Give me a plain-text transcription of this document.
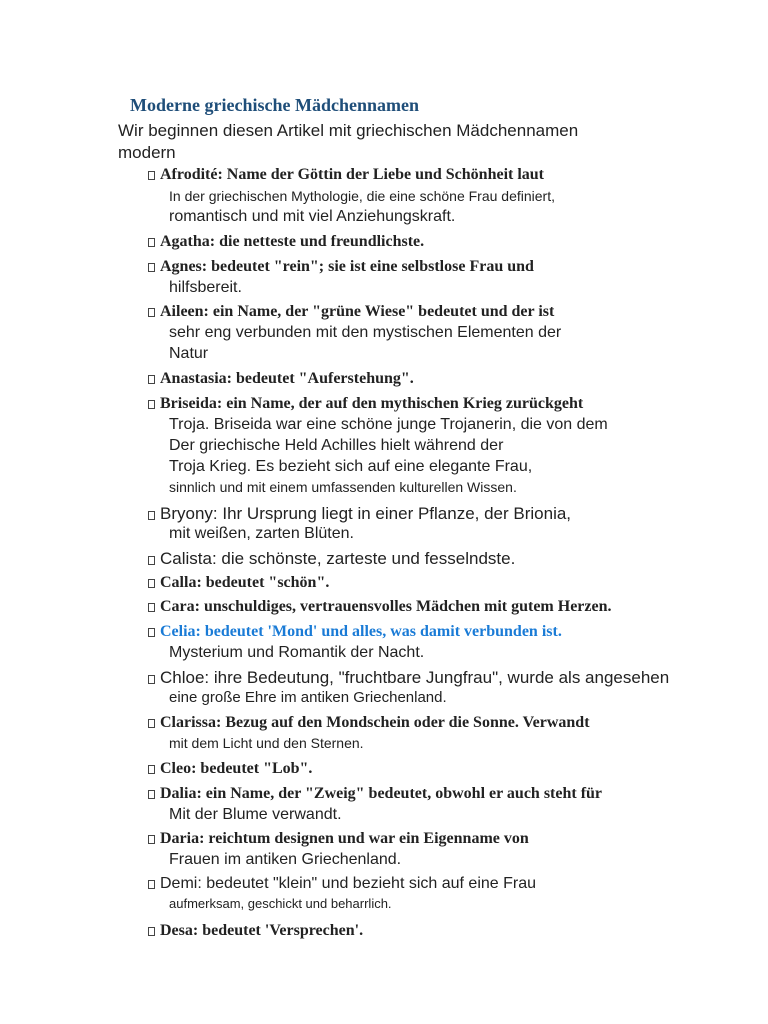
Moderne griechische Mädchennamen
Wir beginnen diesen Artikel mit griechischen Mädchennamen
modern
Afrodité: Name der Göttin der Liebe und Schönheit laut
In der griechischen Mythologie, die eine schöne Frau definiert,
romantisch und mit viel Anziehungskraft.
Agatha: die netteste und freundlichste.
Agnes: bedeutet "rein"; sie ist eine selbstlose Frau und
hilfsbereit.
Aileen: ein Name, der "grüne Wiese" bedeutet und der ist
sehr eng verbunden mit den mystischen Elementen der
Natur
Anastasia: bedeutet "Auferstehung".
Briseida: ein Name, der auf den mythischen Krieg zurückgeht
Troja. Briseida war eine schöne junge Trojanerin, die von dem
Der griechische Held Achilles hielt während der
Troja Krieg. Es bezieht sich auf eine elegante Frau,
sinnlich und mit einem umfassenden kulturellen Wissen.
Bryony: Ihr Ursprung liegt in einer Pflanze, der Brionia,
mit weißen, zarten Blüten.
Calista: die schönste, zarteste und fesselndste.
Calla: bedeutet "schön".
Cara: unschuldiges, vertrauensvolles Mädchen mit gutem Herzen.
Celia: bedeutet 'Mond' und alles, was damit verbunden ist.
Mysterium und Romantik der Nacht.
Chloe: ihre Bedeutung, "fruchtbare Jungfrau", wurde als angesehen
eine große Ehre im antiken Griechenland.
Clarissa: Bezug auf den Mondschein oder die Sonne. Verwandt
mit dem Licht und den Sternen.
Cleo: bedeutet "Lob".
Dalia: ein Name, der "Zweig" bedeutet, obwohl er auch steht für
Mit der Blume verwandt.
Daria: reichtum designen und war ein Eigenname von
Frauen im antiken Griechenland.
Demi: bedeutet "klein" und bezieht sich auf eine Frau
aufmerksam, geschickt und beharrlich.
Desa: bedeutet 'Versprechen'.
